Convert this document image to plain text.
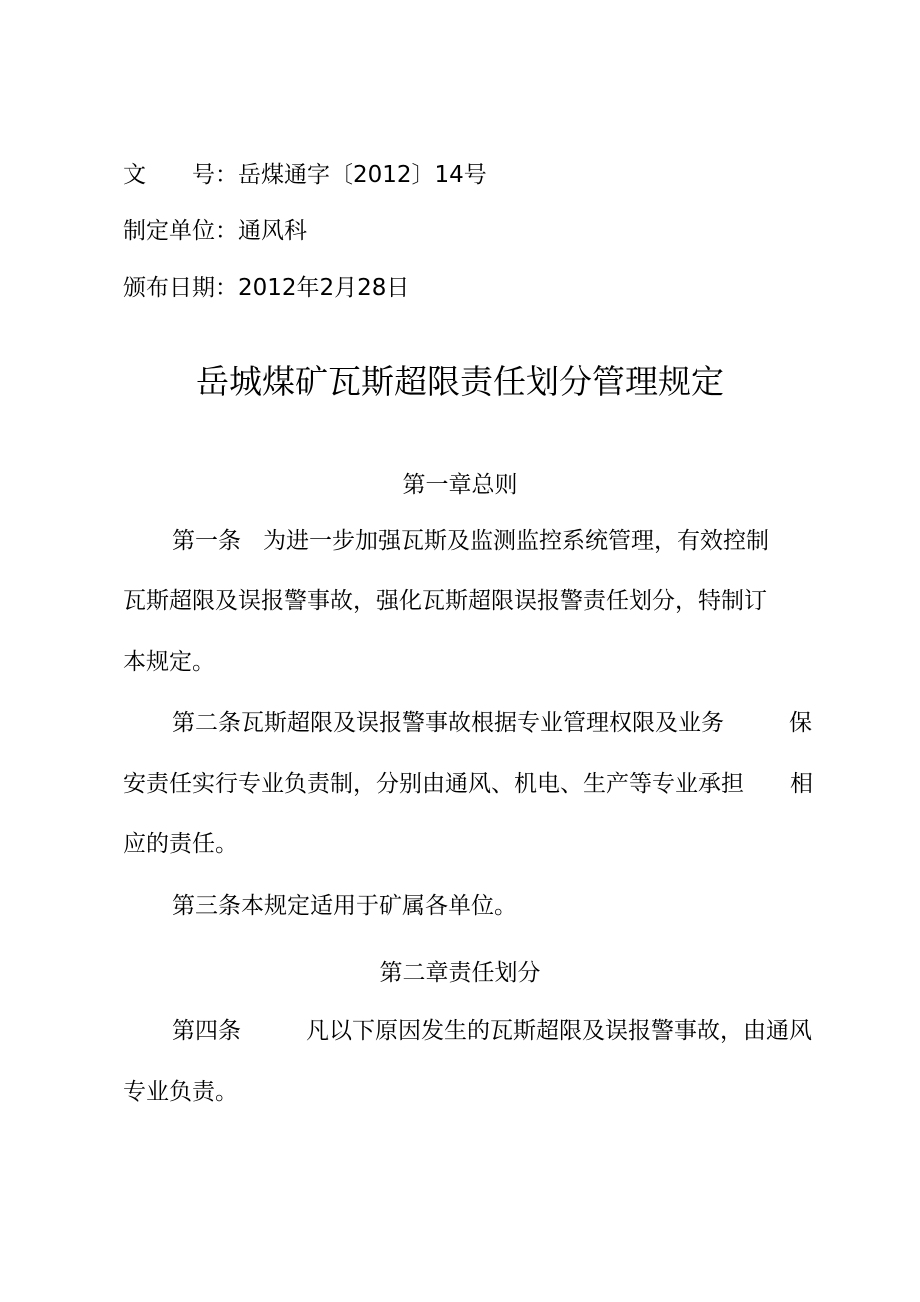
文 号 ：岳煤通字〔2012〕14号
制定单位：通风科
颁布日期：2012年2月28日
岳城煤矿瓦斯超限责任划分管理规定
第一章总则
第一条 为进一步加强瓦斯及监测监控系统管理，有效控制
瓦斯超限及误报警事故，强化瓦斯超限误报警责任划分，特制订
本规定。
第二条瓦斯超限及误报警事故根据专业管理权限及业务	保
安责任实行专业负责制，分别由通风、机电、生产等专业承担 相
应的责任。
第三条本规定适用于矿属各单位。
第二章责任划分
第四条	凡以下原因发生的瓦斯超限及误报警事故，由通风
专业负责。
